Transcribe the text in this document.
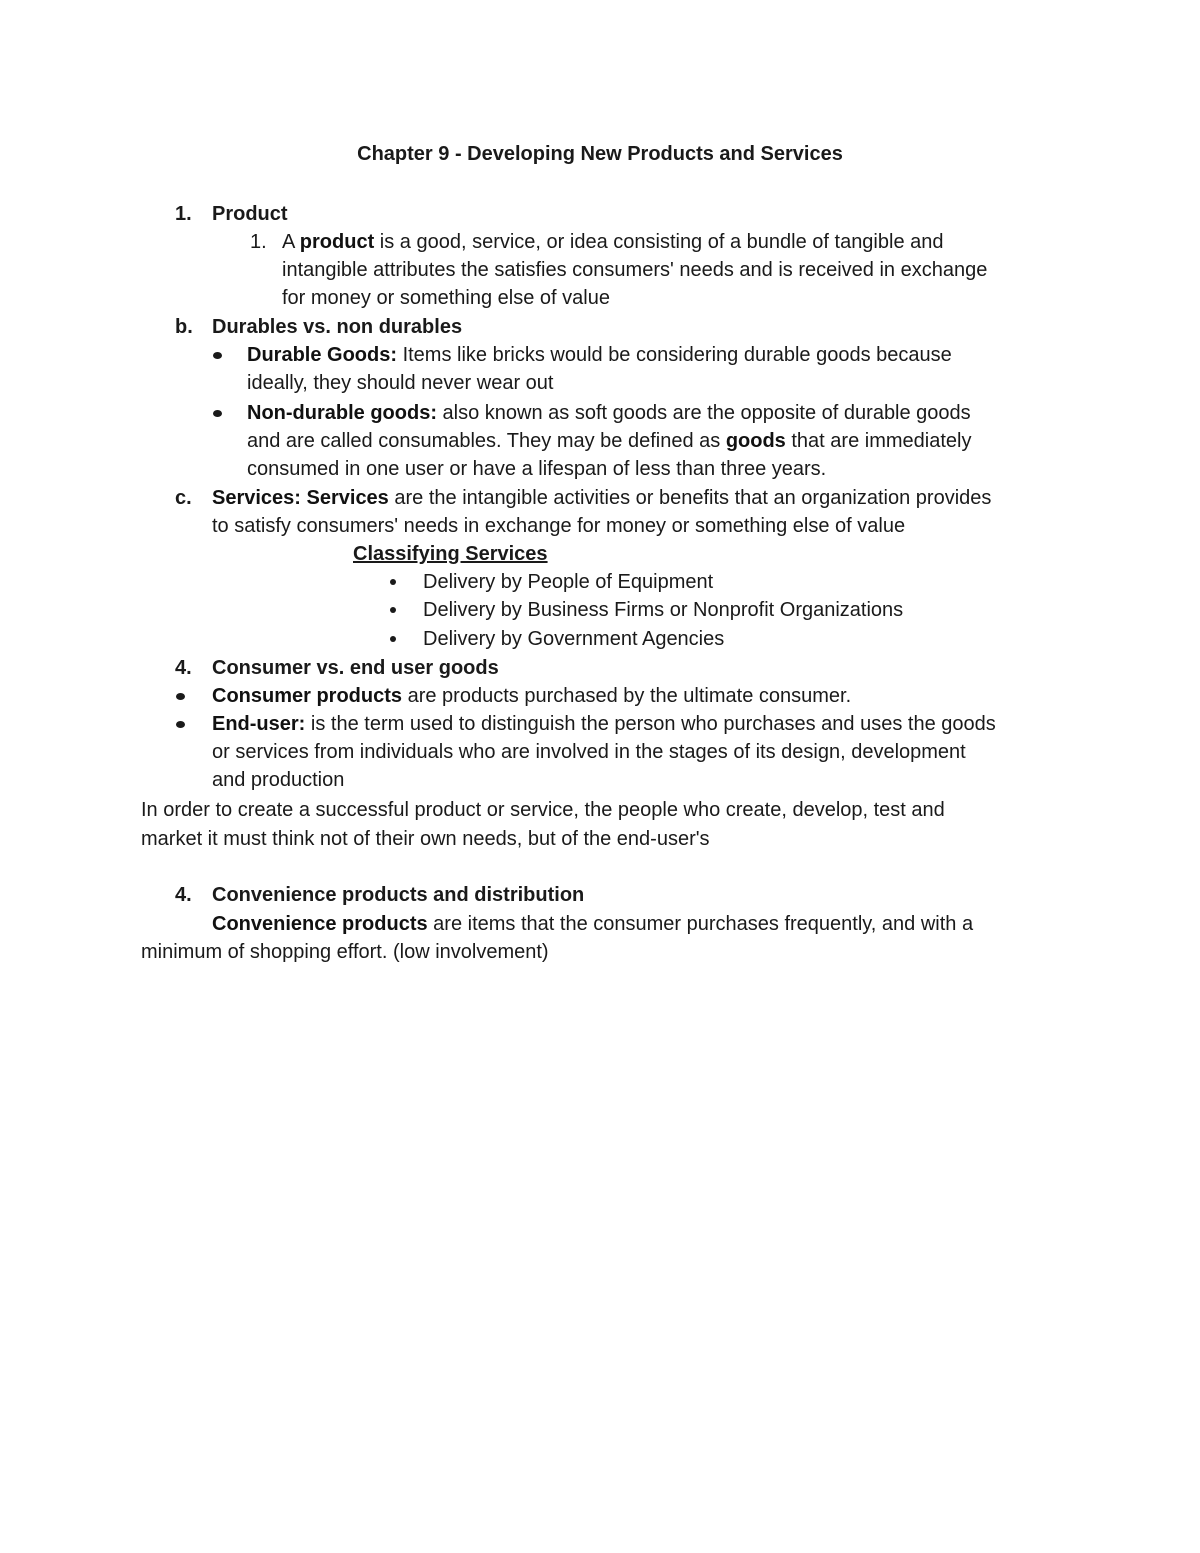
Chapter 9 - Developing New Products and Services
1. Product
1. A product is a good, service, or idea consisting of a bundle of tangible and
intangible attributes the satisfies consumers' needs and is received in exchange
for money or something else of value
b. Durables vs. non durables
Durable Goods: Items like bricks would be considering durable goods because
ideally, they should never wear out
Non-durable goods: also known as soft goods are the opposite of durable goods
and are called consumables. They may be defined as goods that are immediately
consumed in one user or have a lifespan of less than three years.
c. Services: Services are the intangible activities or benefits that an organization provides
to satisfy consumers' needs in exchange for money or something else of value
Classifying Services
Delivery by People of Equipment
Delivery by Business Firms or Nonprofit Organizations
Delivery by Government Agencies
4. Consumer vs. end user goods
Consumer products are products purchased by the ultimate consumer.
End-user: is the term used to distinguish the person who purchases and uses the goods
or services from individuals who are involved in the stages of its design, development
and production
In order to create a successful product or service, the people who create, develop, test and
market it must think not of their own needs, but of the end-user's
4. Convenience products and distribution
Convenience products are items that the consumer purchases frequently, and with a
minimum of shopping effort. (low involvement)
